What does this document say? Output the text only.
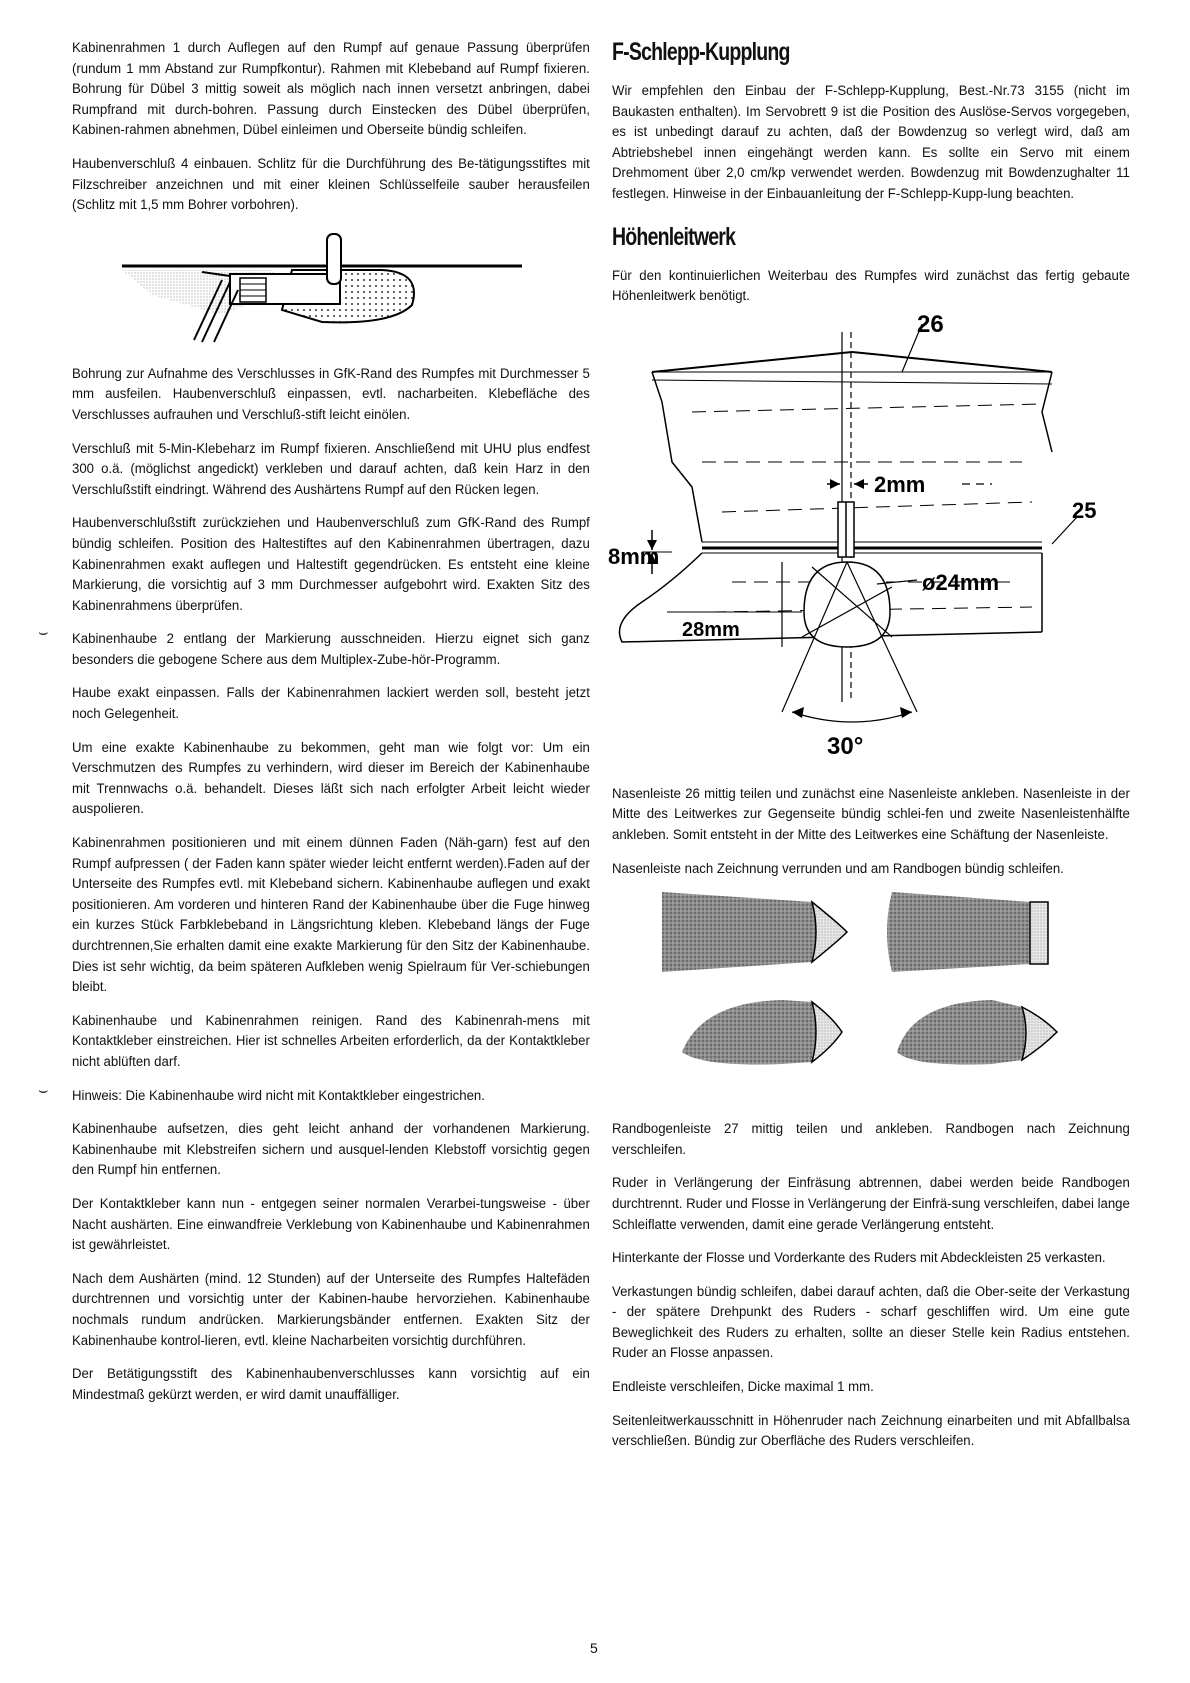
Kabinenrahmen 1 durch Auflegen auf den Rumpf auf genaue Passung überprüfen (rundum 1 mm Abstand zur Rumpfkontur). Rahmen mit Klebeband auf Rumpf fixieren. Bohrung für Dübel 3 mittig soweit als möglich nach innen versetzt anbringen, dabei Rumpfrand mit durch-bohren. Passung durch Einstecken des Dübel überprüfen, Kabinen-rahmen abnehmen, Dübel einleimen und Oberseite bündig schleifen.

Haubenverschluß 4 einbauen. Schlitz für die Durchführung des Be-tätigungsstiftes mit Filzschreiber anzeichnen und mit einer kleinen Schlüsselfeile sauber herausfeilen (Schlitz mit 1,5 mm Bohrer vorbohren).

Bohrung zur Aufnahme des Verschlusses in GfK-Rand des Rumpfes mit Durchmesser 5 mm ausfeilen. Haubenverschluß einpassen, evtl. nacharbeiten. Klebefläche des Verschlusses aufrauhen und Verschluß-stift leicht einölen.

Verschluß mit 5-Min-Klebeharz im Rumpf fixieren. Anschließend mit UHU plus endfest 300 o.ä. (möglichst angedickt) verkleben und darauf achten, daß kein Harz in den Verschlußstift eindringt. Während des Aushärtens Rumpf auf den Rücken legen.

Haubenverschlußstift zurückziehen und Haubenverschluß zum GfK-Rand des Rumpf bündig schleifen. Position des Haltestiftes auf den Kabinenrahmen übertragen, dazu Kabinenrahmen exakt auflegen und Haltestift gegendrücken. Es entsteht eine kleine Markierung, die vorsichtig auf 3 mm Durchmesser aufgebohrt wird. Exakten Sitz des Kabinenrahmens überprüfen.

Kabinenhaube 2 entlang der Markierung ausschneiden. Hierzu eignet sich ganz besonders die gebogene Schere aus dem Multiplex-Zube-hör-Programm.

Haube exakt einpassen. Falls der Kabinenrahmen lackiert werden soll, besteht jetzt noch Gelegenheit.

Um eine exakte Kabinenhaube zu bekommen, geht man wie folgt vor: Um ein Verschmutzen des Rumpfes zu verhindern, wird dieser im Bereich der Kabinenhaube mit Trennwachs o.ä. behandelt. Dieses läßt sich nach erfolgter Arbeit leicht wieder auspolieren.

Kabinenrahmen positionieren und mit einem dünnen Faden (Näh-garn) fest auf den Rumpf aufpressen ( der Faden kann später wieder leicht entfernt werden).Faden auf der Unterseite des Rumpfes evtl. mit Klebeband sichern. Kabinenhaube auflegen und exakt positionieren. Am vorderen und hinteren Rand der Kabinenhaube über die Fuge hinweg ein kurzes Stück Farbklebeband in Längsrichtung kleben. Klebeband längs der Fuge durchtrennen,Sie erhalten damit eine exakte Markierung für den Sitz der Kabinenhaube. Dies ist sehr wichtig, da beim späteren Aufkleben wenig Spielraum für Ver-schiebungen bleibt.

Kabinenhaube und Kabinenrahmen reinigen. Rand des Kabinenrah-mens mit Kontaktkleber einstreichen. Hier ist schnelles Arbeiten erforderlich, da der Kontaktkleber nicht ablüften darf.

Hinweis: Die Kabinenhaube wird nicht mit Kontaktkleber eingestrichen.

Kabinenhaube aufsetzen, dies geht leicht anhand der vorhandenen Markierung. Kabinenhaube mit Klebstreifen sichern und ausquel-lenden Klebstoff vorsichtig gegen den Rumpf hin entfernen.

Der Kontaktkleber kann nun - entgegen seiner normalen Verarbei-tungsweise - über Nacht aushärten. Eine einwandfreie Verklebung von Kabinenhaube und Kabinenrahmen ist gewährleistet.

Nach dem Aushärten (mind. 12 Stunden) auf der Unterseite des Rumpfes Haltefäden durchtrennen und vorsichtig unter der Kabinen-haube hervorziehen. Kabinenhaube nochmals rundum andrücken. Markierungsbänder entfernen. Exakten Sitz der Kabinenhaube kontrol-lieren, evtl. kleine Nacharbeiten vorsichtig durchführen.

Der Betätigungsstift des Kabinenhaubenverschlusses kann vorsichtig auf ein Mindestmaß gekürzt werden, er wird damit unauffälliger.

⌣
⌣
F-Schlepp-Kupplung

Wir empfehlen den Einbau der F-Schlepp-Kupplung, Best.-Nr.73 3155 (nicht im Baukasten enthalten). Im Servobrett 9 ist die Position des Auslöse-Servos vorgegeben, es ist unbedingt darauf zu achten, daß der Bowdenzug so verlegt wird, daß am Abtriebshebel innen eingehängt werden kann. Es sollte ein Servo mit einem Drehmoment über 2,0 cm/kp verwendet werden. Bowdenzug mit Bowdenzughalter 11 festlegen. Hinweise in der Einbauanleitung der F-Schlepp-Kupp-lung beachten.

Höhenleitwerk

Für den kontinuierlichen Weiterbau des Rumpfes wird zunächst das fertig gebaute Höhenleitwerk benötigt.

2mm
8mm
28mm
ø24mm
26
25
30°

Nasenleiste 26 mittig teilen und zunächst eine Nasenleiste ankleben. Nasenleiste in der Mitte des Leitwerkes zur Gegenseite bündig schlei-fen und zweite Nasenleistenhälfte ankleben. Somit entsteht in der Mitte des Leitwerkes eine Schäftung der Nasenleiste.

Nasenleiste nach Zeichnung verrunden und am Randbogen bündig schleifen.

Randbogenleiste 27 mittig teilen und ankleben. Randbogen nach Zeichnung verschleifen.

Ruder in Verlängerung der Einfräsung abtrennen, dabei werden beide Randbogen durchtrennt. Ruder und Flosse in Verlängerung der Einfrä-sung verschleifen, dabei lange Schleiflatte verwenden, damit eine gerade Verlängerung entsteht.

Hinterkante der Flosse und Vorderkante des Ruders mit Abdeckleisten 25 verkasten.

Verkastungen bündig schleifen, dabei darauf achten, daß die Ober-seite der Verkastung - der spätere Drehpunkt des Ruders - scharf geschliffen wird. Um eine gute Beweglichkeit des Ruders zu erhalten, sollte an dieser Stelle kein Radius entstehen. Ruder an Flosse anpassen.

Endleiste verschleifen, Dicke maximal 1 mm.

Seitenleitwerkausschnitt in Höhenruder nach Zeichnung einarbeiten und mit Abfallbalsa verschließen. Bündig zur Oberfläche des Ruders verschleifen.

5
